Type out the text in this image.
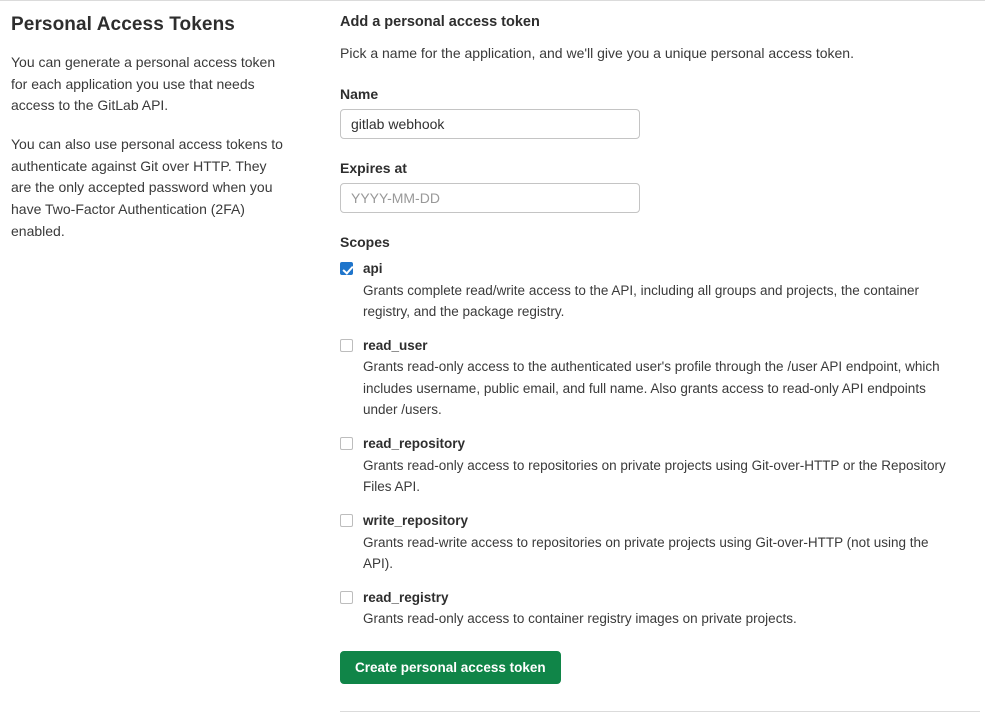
Personal Access Tokens

You can generate a personal access token for each application you use that needs access to the GitLab API.

You can also use personal access tokens to authenticate against Git over HTTP. They are the only accepted password when you have Two-Factor Authentication (2FA) enabled.

Add a personal access token
Pick a name for the application, and we'll give you a unique personal access token.
Name
gitlab webhook
Expires at
YYYY-MM-DD
Scopes
api
Grants complete read/write access to the API, including all groups and projects, the container registry, and the package registry.
read_user
Grants read-only access to the authenticated user's profile through the /user API endpoint, which includes username, public email, and full name. Also grants access to read-only API endpoints under /users.
read_repository
Grants read-only access to repositories on private projects using Git-over-HTTP or the Repository Files API.
write_repository
Grants read-write access to repositories on private projects using Git-over-HTTP (not using the API).
read_registry
Grants read-only access to container registry images on private projects.
Create personal access token
